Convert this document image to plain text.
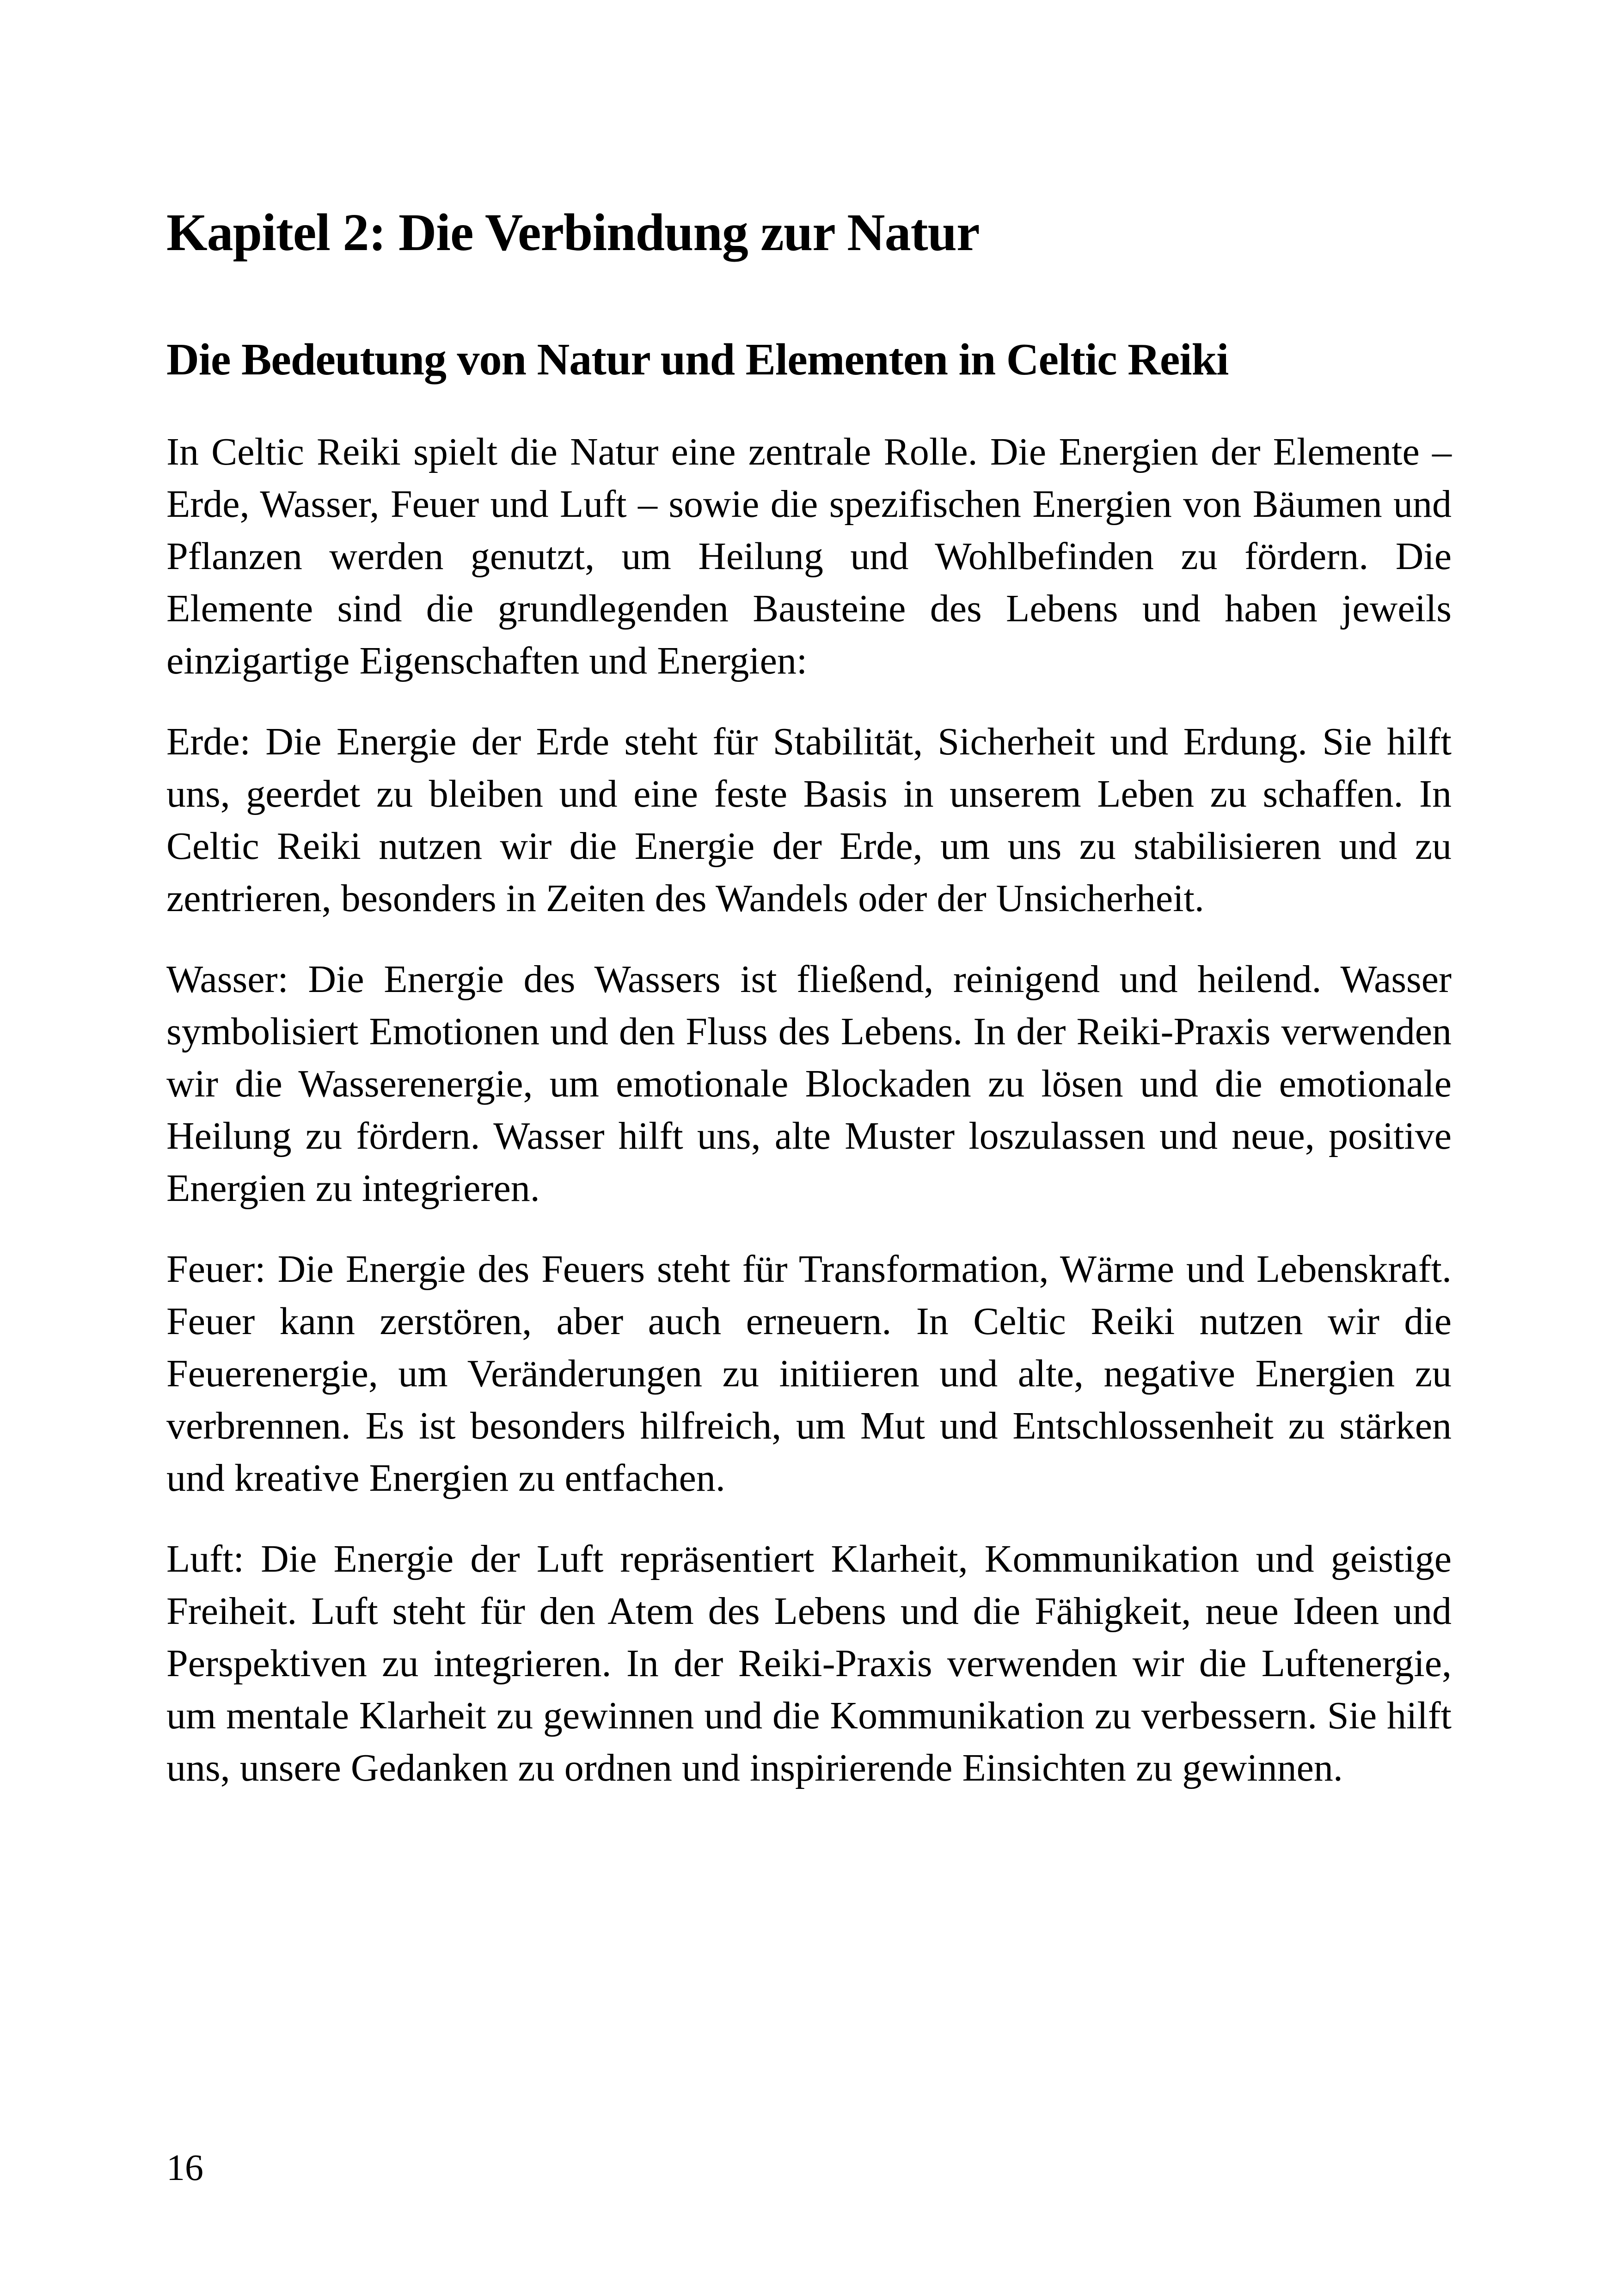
Kapitel 2: Die Verbindung zur Natur
Die Bedeutung von Natur und Elementen in Celtic Reiki

In Celtic Reiki spielt die Natur eine zentrale Rolle. Die Energien der Elemente – Erde, Wasser, Feuer und Luft – sowie die spezifischen Energien von Bäumen und Pflanzen werden genutzt, um Heilung und Wohlbefinden zu fördern. Die Elemente sind die grundlegenden Bausteine des Lebens und haben jeweils einzigartige Eigenschaften und Energien:

Erde: Die Energie der Erde steht für Stabilität, Sicherheit und Erdung. Sie hilft uns, geerdet zu bleiben und eine feste Basis in unserem Leben zu schaffen. In Celtic Reiki nutzen wir die Energie der Erde, um uns zu stabilisieren und zu zentrieren, besonders in Zeiten des Wandels oder der Unsicherheit.

Wasser: Die Energie des Wassers ist fließend, reinigend und heilend. Wasser symbolisiert Emotionen und den Fluss des Lebens. In der Reiki-Praxis verwenden wir die Wasserenergie, um emotionale Blockaden zu lösen und die emotionale Heilung zu fördern. Wasser hilft uns, alte Muster loszulassen und neue, positive Energien zu integrieren.

Feuer: Die Energie des Feuers steht für Transformation, Wärme und Lebenskraft. Feuer kann zerstören, aber auch erneuern. In Celtic Reiki nutzen wir die Feuerenergie, um Veränderungen zu initiieren und alte, negative Energien zu verbrennen. Es ist besonders hilfreich, um Mut und Entschlossenheit zu stärken und kreative Energien zu entfachen.

Luft: Die Energie der Luft repräsentiert Klarheit, Kommunikation und geistige Freiheit. Luft steht für den Atem des Lebens und die Fähigkeit, neue Ideen und Perspektiven zu integrieren. In der Reiki-Praxis verwenden wir die Luftenergie, um mentale Klarheit zu gewinnen und die Kommunikation zu verbessern. Sie hilft uns, unsere Gedanken zu ordnen und inspirierende Einsichten zu gewinnen.

16
